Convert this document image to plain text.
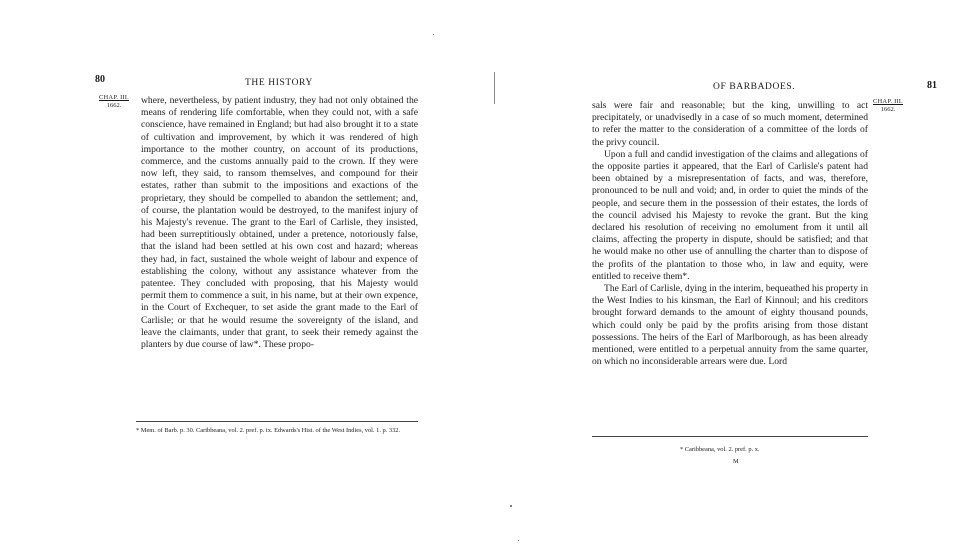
80	THE HISTORY
CHAP. III.
1662.	where, nevertheless, by patient industry, they had not only obtained the means of rendering life comfortable, when they could not, with a safe conscience, have remained in England; but had also brought it to a state of cultivation and improvement, by which it was rendered of high importance to the mother country, on account of its productions, commerce, and the customs annually paid to the crown. If they were now left, they said, to ransom themselves, and compound for their estates, rather than submit to the impositions and exactions of the proprietary, they should be compelled to abandon the settlement; and, of course, the plantation would be destroyed, to the manifest injury of his Majesty's revenue. The grant to the Earl of Carlisle, they insisted, had been surreptitiously obtained, under a pretence, notoriously false, that the island had been settled at his own cost and hazard; whereas they had, in fact, sustained the whole weight of labour and expence of establishing the colony, without any assistance whatever from the patentee. They concluded with proposing, that his Majesty would permit them to commence a suit, in his name, but at their own expence, in the Court of Exchequer, to set aside the grant made to the Earl of Carlisle; or that he would resume the sovereignty of the island, and leave the claimants, under that grant, to seek their remedy against the planters by due course of law*. These propo-

* Mem. of Barb. p. 30. Caribbeana, vol. 2. pref. p. ix. Edwards's Hist. of the West Indies, vol. 1. p. 332.

OF BARBADOES.	81
CHAP. III.
1662.

sals were fair and reasonable; but the king, unwilling to act precipitately, or unadvisedly in a case of so much moment, determined to refer the matter to the consideration of a committee of the lords of the privy council.

Upon a full and candid investigation of the claims and allegations of the opposite parties it appeared, that the Earl of Carlisle's patent had been obtained by a misrepresentation of facts, and was, therefore, pronounced to be null and void; and, in order to quiet the minds of the people, and secure them in the possession of their estates, the lords of the council advised his Majesty to revoke the grant. But the king declared his resolution of receiving no emolument from it until all claims, affecting the property in dispute, should be satisfied; and that he would make no other use of annulling the charter than to dispose of the profits of the plantation to those who, in law and equity, were entitled to receive them*.

The Earl of Carlisle, dying in the interim, bequeathed his property in the West Indies to his kinsman, the Earl of Kinnoul; and his creditors brought forward demands to the amount of eighty thousand pounds, which could only be paid by the profits arising from those distant possessions. The heirs of the Earl of Marlborough, as has been already mentioned, were entitled to a perpetual annuity from the same quarter, on which no inconsiderable arrears were due. Lord

* Caribbeana, vol. 2. pref. p. x.

M
